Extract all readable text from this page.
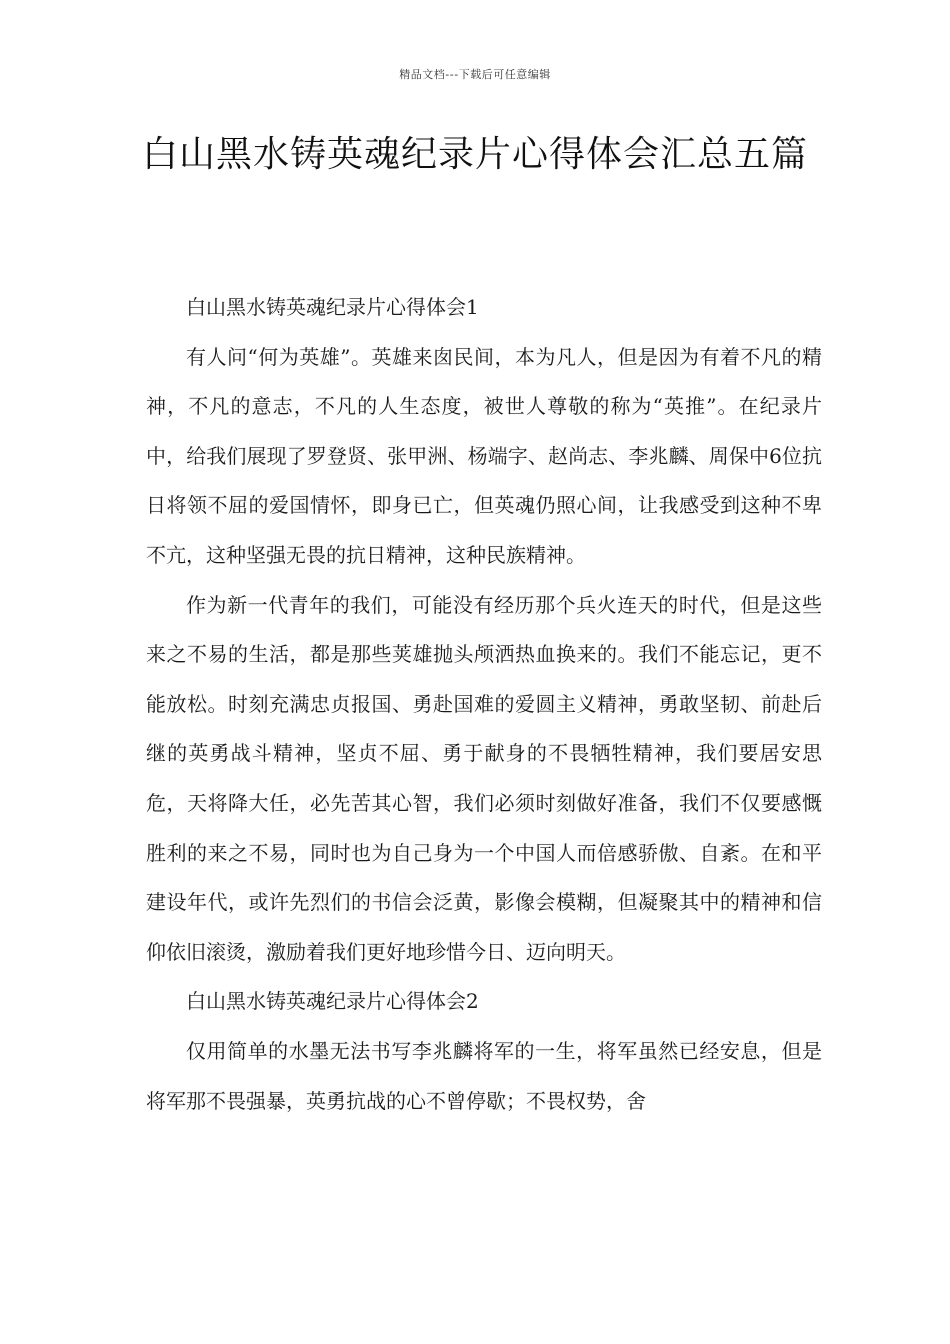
精品文档---下载后可任意编辑
白山黑水铸英魂纪录片心得体会汇总五篇

白山黑水铸英魂纪录片心得体会1

有人问“何为英雄”。英雄来囱民间，本为凡人，但是因为有着不凡的精神，不凡的意志，不凡的人生态度，被世人尊敬的称为“英推”。在纪录片中，给我们展现了罗登贤、张甲洲、杨端字、赵尚志、李兆麟、周保中6位抗日将领不屈的爱国情怀，即身已亡，但英魂仍照心间，让我感受到这种不卑不亢，这种坚强无畏的抗日精神，这种民族精神。

作为新一代青年的我们，可能没有经历那个兵火连天的时代，但是这些来之不易的生活，都是那些荚雄抛头颅洒热血换来的。我们不能忘记，更不能放松。时刻充满忠贞报国、勇赴国难的爱圆主义精神，勇敢坚韧、前赴后继的英勇战斗精神，坚贞不屈、勇于献身的不畏牺牲精神，我们要居安思危，天将降大任，必先苦其心智，我们必须时刻做好准备，我们不仅要感慨胜利的来之不易，同时也为自己身为一个中国人而倍感骄傲、自紊。在和平建设年代，或许先烈们的书信会泛黄，影像会模糊，但凝聚其中的精神和信仰依旧滚烫，激励着我们更好地珍惜今日、迈向明天。

白山黑水铸英魂纪录片心得体会2

仅用简单的水墨无法书写李兆麟将军的一生，将军虽然已经安息，但是将军那不畏强暴，英勇抗战的心不曾停歇；不畏权势，舍
